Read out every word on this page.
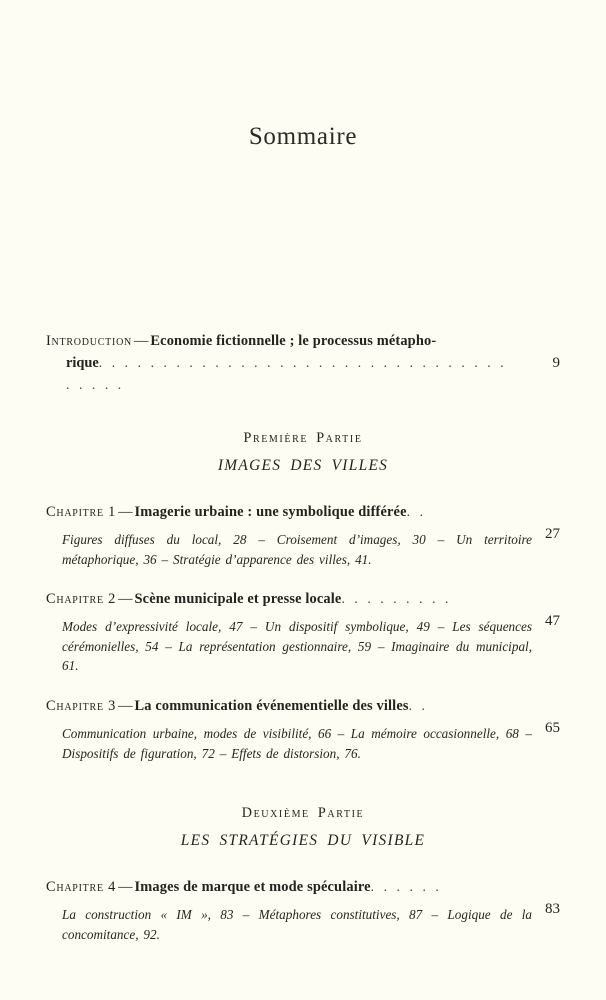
Sommaire
Introduction — Economie fictionnelle ; le processus métapho-
rique. . . . . . . . . . . . . . . . . . . . . . . . . . . . . . . . . . . . .
9
Première Partie
IMAGES DES VILLES
Chapitre 1 — Imagerie urbaine : une symbolique différée. .
27

Figures diffuses du local, 28 – Croisement d’images, 30 – Un territoire métaphorique, 36 – Stratégie d’apparence des villes, 41.

Chapitre 2 — Scène municipale et presse locale. . . . . . . . .
47

Modes d’expressivité locale, 47 – Un dispositif symbolique, 49 – Les séquences cérémonielles, 54 – La représentation gestionnaire, 59 – Imaginaire du municipal, 61.

Chapitre 3 — La communication événementielle des villes. .
65

Communication urbaine, modes de visibilité, 66 – La mémoire occasionnelle, 68 – Dispositifs de figuration, 72 – Effets de distorsion, 76.

Deuxième Partie
LES STRATÉGIES DU VISIBLE
Chapitre 4 — Images de marque et mode spéculaire. . . . . .
83

La construction « IM », 83 – Métaphores constitutives, 87 – Logique de la concomitance, 92.
